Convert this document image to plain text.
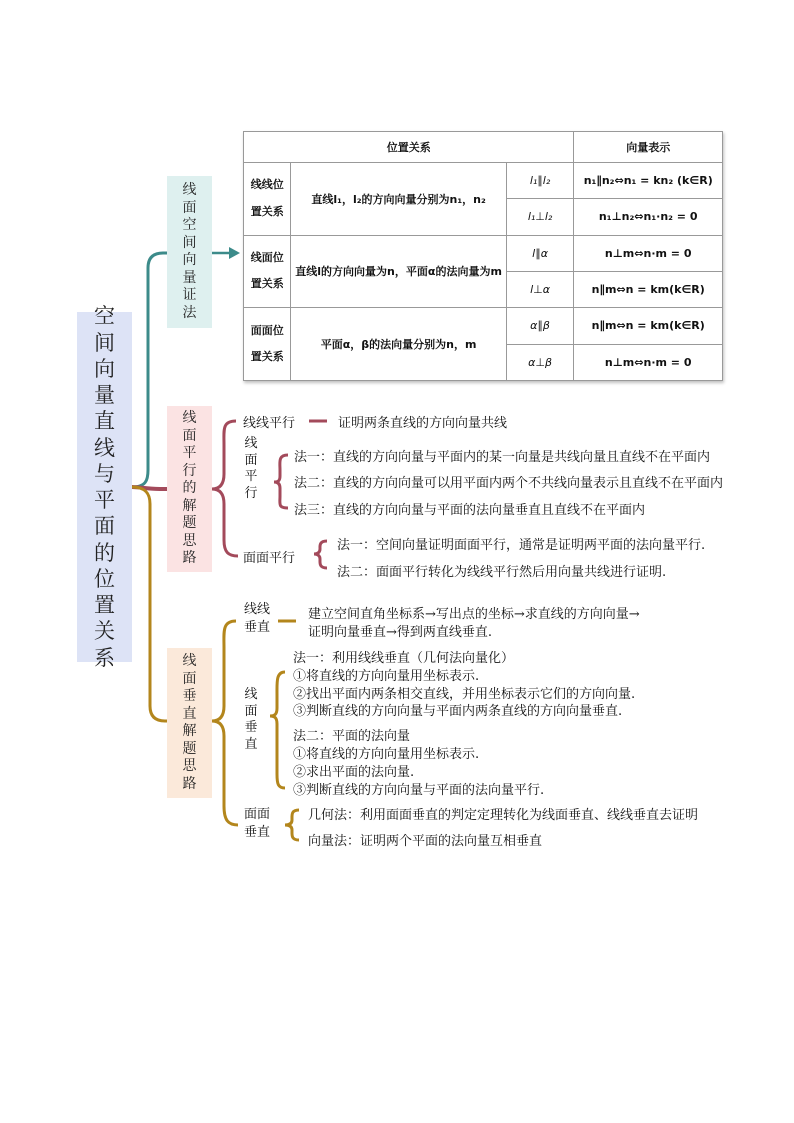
空间向量直线与平面的位置关系
线面空间向量证法
位置关系			向量表示
线线位置关系	直线l₁，l₂的方向向量分别为n₁，n₂	l₁∥l₂	n₁∥n₂⇔n₁ = kn₂ (k∈R)
		l₁⊥l₂	n₁⊥n₂⇔n₁·n₂ = 0
线面位置关系	直线l的方向向量为n，平面α的法向量为m	l∥α	n⊥m⇔n·m = 0
		l⊥α	n∥m⇔n = km(k∈R)
面面位置关系	平面α，β的法向量分别为n，m	α∥β	n∥m⇔n = km(k∈R)
		α⊥β	n⊥m⇔n·m = 0
线面平行的解题思路
线线平行	证明两条直线的方向向量共线
线面平行
法一：直线的方向向量与平面内的某一向量是共线向量且直线不在平面内
法二：直线的方向向量可以用平面内两个不共线向量表示且直线不在平面内
法三：直线的方向向量与平面的法向量垂直且直线不在平面内
面面平行
法一：空间向量证明面面平行，通常是证明两平面的法向量平行.
法二：面面平行转化为线线平行然后用向量共线进行证明.
线面垂直解题思路
线线垂直
建立空间直角坐标系→写出点的坐标→求直线的方向向量→
证明向量垂直→得到两直线垂直.
线面垂直
法一：利用线线垂直（几何法向量化）
①将直线的方向向量用坐标表示.
②找出平面内两条相交直线，并用坐标表示它们的方向向量.
③判断直线的方向向量与平面内两条直线的方向向量垂直.
法二：平面的法向量
①将直线的方向向量用坐标表示.
②求出平面的法向量.
③判断直线的方向向量与平面的法向量平行.
面面垂直
几何法：利用面面垂直的判定定理转化为线面垂直、线线垂直去证明
向量法：证明两个平面的法向量互相垂直
